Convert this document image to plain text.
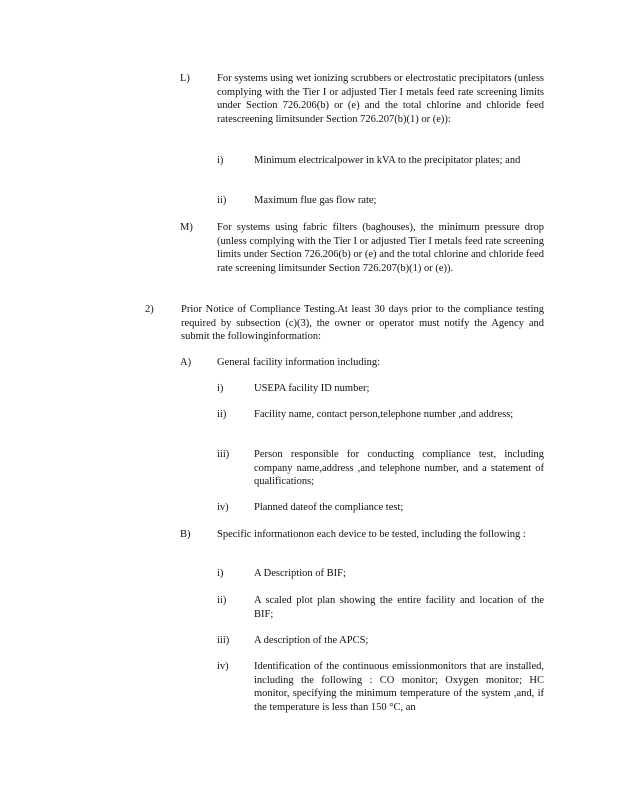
L)	For systems using wet ionizing scrubbers or electrostatic precipitators (unless complying with the Tier I or adjusted Tier I metals feed rate screening limits under Section 726.206(b) or (e) and the total chlorine and chloride feed ratescreening limitsunder Section 726.207(b)(1) or (e)):
i)	Minimum electricalpower in kVA to the precipitator plates; and
ii)	Maximum flue gas flow rate;
M) For systems using fabric filters (baghouses), the minimum pressure drop (unless complying with the Tier I or adjusted Tier I metals feed rate screening limits under Section 726.206(b) or (e) and the total chlorine and chloride feed rate screening limitsunder Section 726.207(b)(1) or (e)).
2)	Prior Notice of Compliance Testing.At least 30 days prior to the compliance testing required by subsection (c)(3), the owner or operator must notify the Agency and submit the followinginformation:
A) General facility information including:
i)	USEPA facility ID number;
ii)	Facility name, contact person,telephone number ,and address;
iii) Person responsible for conducting compliance test, including company name,address ,and telephone number, and a statement of qualifications;
iv) Planned dateof the compliance test;
B)	Specific informationon each device to be tested, including the following :
i)	A Description of BIF;
ii)	A scaled plot plan showing the entire facility and location of the BIF;
iii) A description of the APCS;
iv) Identification of the continuous emissionmonitors that are installed, including the following : CO monitor; Oxygen monitor; HC monitor, specifying the minimum temperature of the system ,and, if the temperature is less than 150 °C, an
